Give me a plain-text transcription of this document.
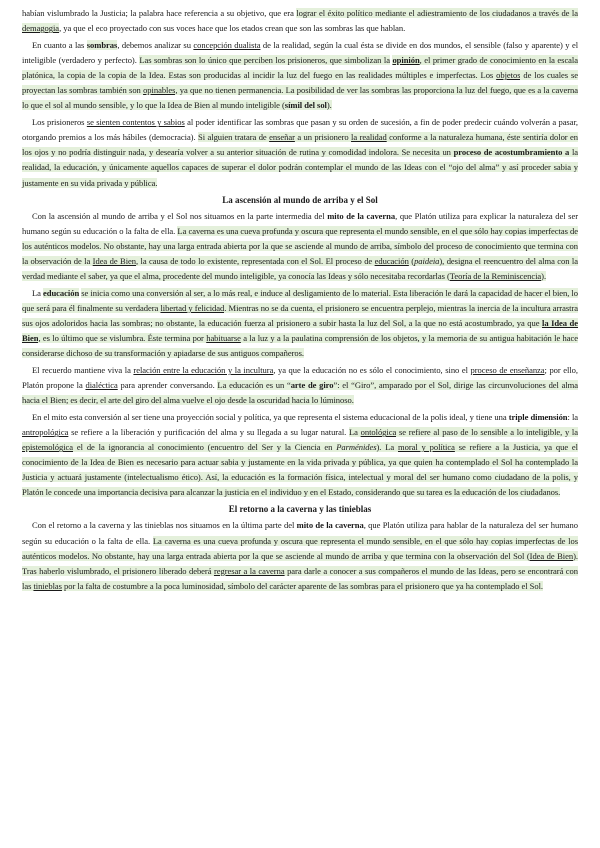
habían vislumbrado la Justicia; la palabra hace referencia a su objetivo, que era lograr el éxito político mediante el adiestramiento de los ciudadanos a través de la demagogia, ya que el eco proyectado con sus voces hace que los etados crean que son las sombras las que hablan.

En cuanto a las sombras, debemos analizar su concepción dualista de la realidad, según la cual ésta se divide en dos mundos, el sensible (falso y aparente) y el inteligible (verdadero y perfecto). Las sombras son lo único que perciben los prisioneros, que simbolizan la opinión, el primer grado de conocimiento en la escala platónica, la copia de la copia de la Idea. Estas son producidas al incidir la luz del fuego en las realidades múltiples e imperfectas. Los objetos de los cuales se proyectan las sombras también son opinables, ya que no tienen permanencia. La posibilidad de ver las sombras las proporciona la luz del fuego, que es a la caverna lo que el sol al mundo sensible, y lo que la Idea de Bien al mundo inteligible (símil del sol).

Los prisioneros se sienten contentos y sabios al poder identificar las sombras que pasan y su orden de sucesión, a fin de poder predecir cuándo volverán a pasar, otorgando premios a los más hábiles (democracia). Si alguien tratara de enseñar a un prisionero la realidad conforme a la naturaleza humana, éste sentiría dolor en los ojos y no podría distinguir nada, y desearía volver a su anterior situación de rutina y comodidad indolora. Se necesita un proceso de acostumbramiento a la realidad, la educación, y únicamente aquellos capaces de superar el dolor podrán contemplar el mundo de las Ideas con el “ojo del alma” y así proceder sabia y justamente en su vida privada y pública.

La ascensión al mundo de arriba y el Sol

Con la ascensión al mundo de arriba y el Sol nos situamos en la parte intermedia del mito de la caverna, que Platón utiliza para explicar la naturaleza del ser humano según su educación o la falta de ella. La caverna es una cueva profunda y oscura que representa el mundo sensible, en el que sólo hay copias imperfectas de los auténticos modelos. No obstante, hay una larga entrada abierta por la que se asciende al mundo de arriba, símbolo del proceso de conocimiento que termina con la observación de la Idea de Bien, la causa de todo lo existente, representada con el Sol. El proceso de educación (paideia), designa el reencuentro del alma con la verdad mediante el saber, ya que el alma, procedente del mundo inteligible, ya conocía las Ideas y sólo necesitaba recordarlas (Teoría de la Reminiscencia).

La educación se inicia como una conversión al ser, a lo más real, e induce al desligamiento de lo material. Esta liberación le dará la capacidad de hacer el bien, lo que será para él finalmente su verdadera libertad y felicidad. Mientras no se da cuenta, el prisionero se encuentra perplejo, mientras la inercia de la incultura arrastra sus ojos adoloridos hacia las sombras; no obstante, la educación fuerza al prisionero a subir hasta la luz del Sol, a la que no está acostumbrado, ya que la Idea de Bien, es lo último que se vislumbra. Éste termina por habituarse a la luz y a la paulatina comprensión de los objetos, y la memoria de su antigua habitación le hace considerarse dichoso de su transformación y apiadarse de sus antiguos compañeros.

El recuerdo mantiene viva la relación entre la educación y la incultura, ya que la educación no es sólo el conocimiento, sino el proceso de enseñanza; por ello, Platón propone la dialéctica para aprender conversando. La educación es un “arte de giro”: el “Giro”, amparado por el Sol, dirige las circunvoluciones del alma hacia el Bien; es decir, el arte del giro del alma vuelve el ojo desde la oscuridad hacia lo lúminoso.

En el mito esta conversión al ser tiene una proyección social y política, ya que representa el sistema educacional de la polis ideal, y tiene una triple dimensión: la antropológica se refiere a la liberación y purificación del alma y su llegada a su lugar natural. La ontológica se refiere al paso de lo sensible a lo inteligible, y la epistemológica el de la ignorancia al conocimiento (encuentro del Ser y la Ciencia en Parménides). La moral y política se refiere a la Justicia, ya que el conocimiento de la Idea de Bien es necesario para actuar sabia y justamente en la vida privada y pública, ya que quien ha contemplado el Sol ha contemplado la Justicia y actuará justamente (intelectualismo ético). Así, la educación es la formación física, intelectual y moral del ser humano como ciudadano de la polis, y Platón le concede una importancia decisiva para alcanzar la justicia en el individuo y en el Estado, considerando que su tarea es la educación de los ciudadanos.

El retorno a la caverna y las tinieblas

Con el retorno a la caverna y las tinieblas nos situamos en la última parte del mito de la caverna, que Platón utiliza para hablar de la naturaleza del ser humano según su educación o la falta de ella. La caverna es una cueva profunda y oscura que representa el mundo sensible, en el que sólo hay copias imperfectas de los auténticos modelos. No obstante, hay una larga entrada abierta por la que se asciende al mundo de arriba y que termina con la observación del Sol (Idea de Bien). Tras haberlo vislumbrado, el prisionero liberado deberá regresar a la caverna para darle a conocer a sus compañeros el mundo de las Ideas, pero se encontrará con las tinieblas por la falta de costumbre a la poca luminosidad, símbolo del carácter aparente de las sombras para el prisionero que ya ha contemplado el Sol.
